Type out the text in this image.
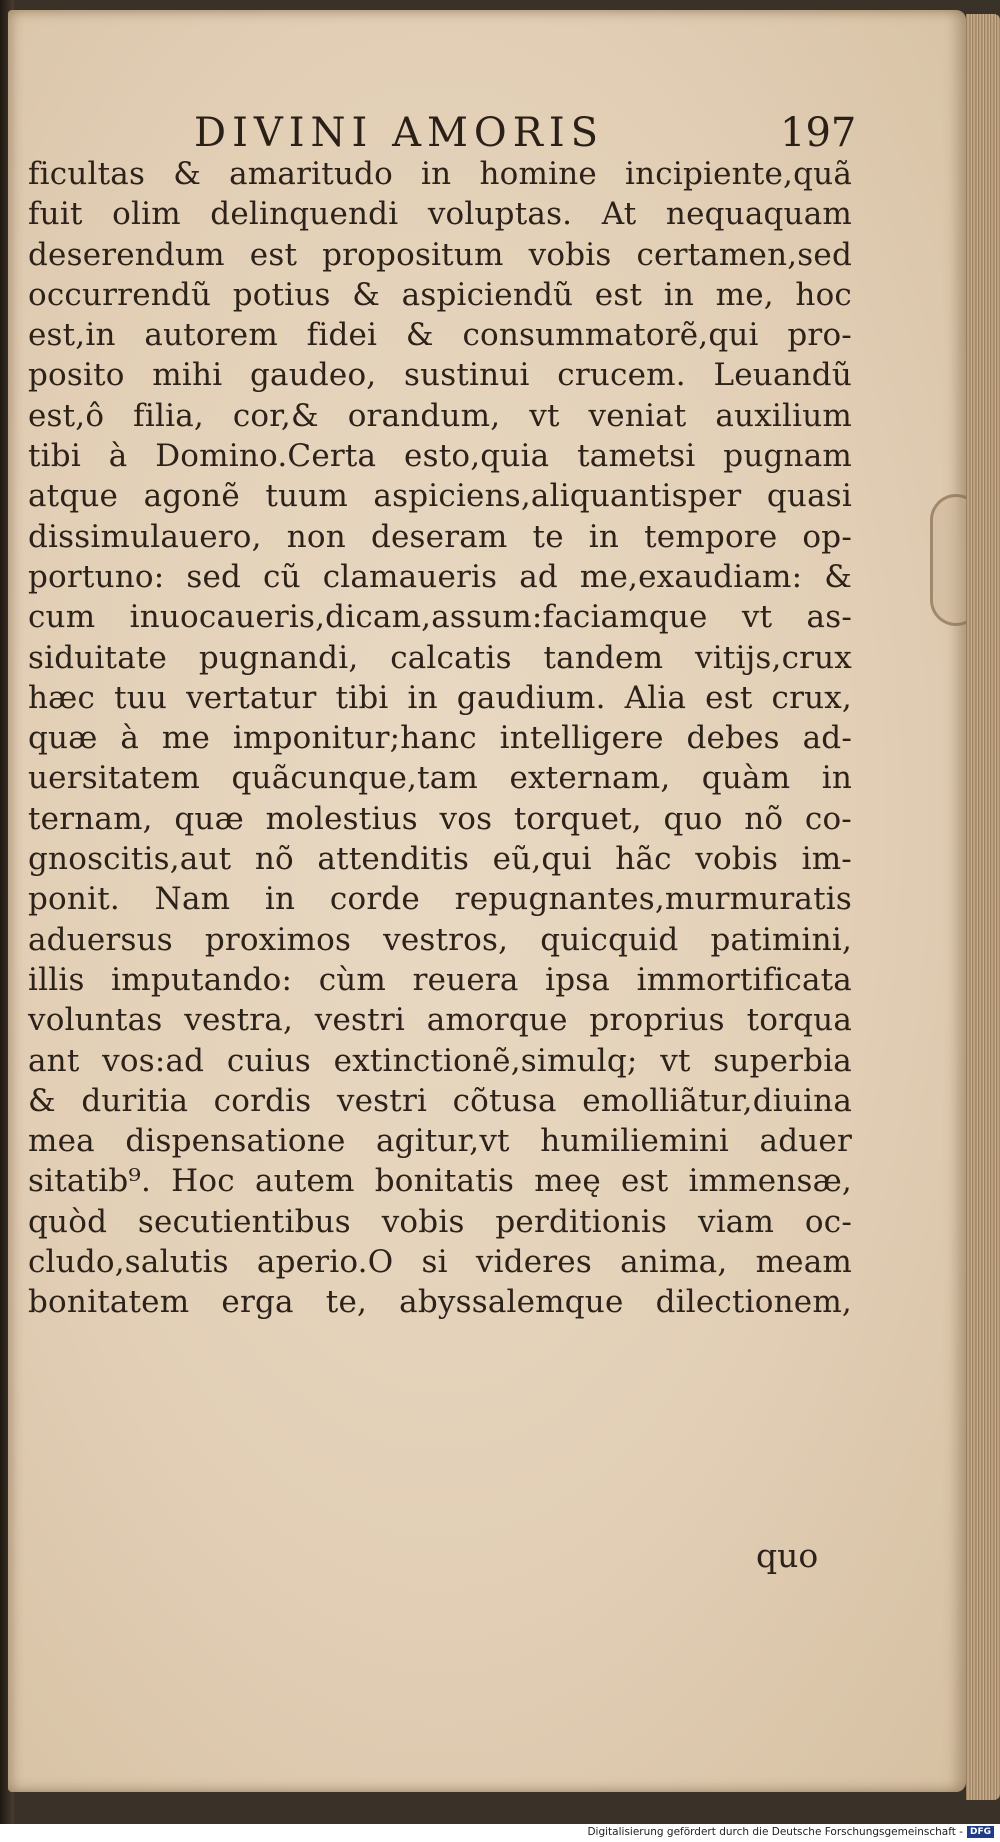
DIVINI AMORIS	197
ficultas & amaritudo in homine incipiente,quã
fuit olim delinquendi voluptas. At nequaquam
deserendum est propositum vobis certamen,sed
occurrendũ potius & aspiciendũ est in me, hoc
est,in autorem fidei & consummatorẽ,qui pro-
posito mihi gaudeo, sustinui crucem. Leuandũ
est,ô filia, cor,& orandum, vt veniat auxilium
tibi à Domino.Certa esto,quia tametsi pugnam
atque agonẽ tuum aspiciens,aliquantisper quasi
dissimulauero, non deseram te in tempore op-
portuno: sed cũ clamaueris ad me,exaudiam: &
cum inuocaueris,dicam,assum:faciamque vt as-
siduitate pugnandi, calcatis tandem vitijs,crux
hæc tuu vertatur tibi in gaudium. Alia est crux,
quæ à me imponitur;hanc intelligere debes ad-
uersitatem quãcunque,tam externam, quàm in
ternam, quæ molestius vos torquet, quo nõ co-
gnoscitis,aut nõ attenditis eũ,qui hãc vobis im-
ponit. Nam in corde repugnantes,murmuratis
aduersus proximos vestros, quicquid patimini,
illis imputando: cùm reuera ipsa immortificata
voluntas vestra, vestri amorque proprius torqua
ant vos:ad cuius extinctionẽ,simulq; vt superbia
& duritia cordis vestri cõtusa emolliãtur,diuina
mea dispensatione agitur,vt humiliemini aduer
sitatib⁹. Hoc autem bonitatis meę est immensæ,
quòd secutientibus vobis perditionis viam oc-
cludo,salutis aperio.O si videres anima, meam
bonitatem erga te, abyssalemque dilectionem,
quo
Digitalisierung gefördert durch die Deutsche Forschungsgemeinschaft - DFG
